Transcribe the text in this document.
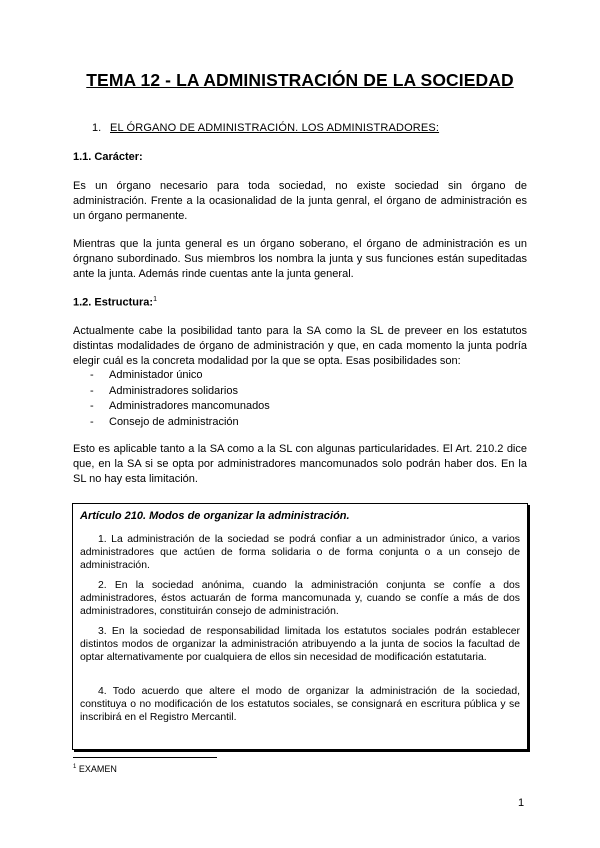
TEMA 12 - LA ADMINISTRACIÓN DE LA SOCIEDAD
1. EL ÓRGANO DE ADMINISTRACIÓN. LOS ADMINISTRADORES:
1.1. Carácter:
Es un órgano necesario para toda sociedad, no existe sociedad sin órgano de administración. Frente a la ocasionalidad de la junta genral, el órgano de administración es un órgano permanente.
Mientras que la junta general es un órgano soberano, el órgano de administración es un órgnano subordinado. Sus miembros los nombra la junta y sus funciones están supeditadas ante la junta. Además rinde cuentas ante la junta general.
1.2. Estructura:$^1$
Actualmente cabe la posibilidad tanto para la SA como la SL de preveer en los estatutos distintas modalidades de órgano de administración y que, en cada momento la junta podría elegir cuál es la concreta modalidad por la que se opta. Esas posibilidades son:
-	Administador único
-	Administradores solidarios
-	Administradores mancomunados
-	Consejo de administración
Esto es aplicable tanto a la SA como a la SL con algunas particularidades. El Art. 210.2 dice que, en la SA si se opta por administradores mancomunados solo podrán haber dos. En la SL no hay esta limitación.
Artículo 210. Modos de organizar la administración.
1. La administración de la sociedad se podrá confiar a un administrador único, a varios administradores que actúen de forma solidaria o de forma conjunta o a un consejo de administración.
2. En la sociedad anónima, cuando la administración conjunta se confíe a dos administradores, éstos actuarán de forma mancomunada y, cuando se confíe a más de dos administradores, constituirán consejo de administración.
3. En la sociedad de responsabilidad limitada los estatutos sociales podrán establecer distintos modos de organizar la administración atribuyendo a la junta de socios la facultad de optar alternativamente por cualquiera de ellos sin necesidad de modificación estatutaria.
4. Todo acuerdo que altere el modo de organizar la administración de la sociedad, constituya o no modificación de los estatutos sociales, se consignará en escritura pública y se inscribirá en el Registro Mercantil.
$^1$ EXAMEN
1
